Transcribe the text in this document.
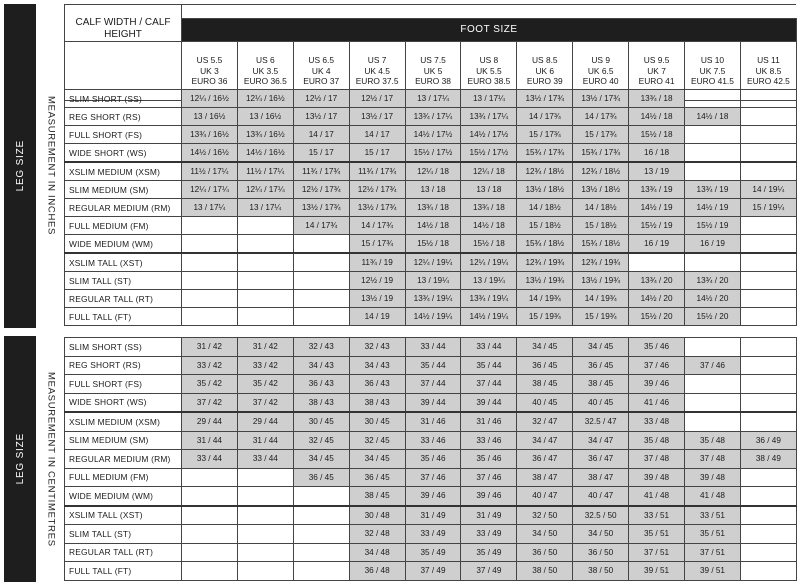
LEG SIZE MEASUREMENT IN INCHES
LEG SIZE MEASUREMENT IN CENTIMETRES
CALF WIDTH / CALF HEIGHT											
	FOOT SIZE										

	US 5.5
UK 3
EURO 36	US 6
UK 3.5
EURO 36.5	US 6.5
UK 4
EURO 37	US 7
UK 4.5
EURO 37.5	US 7.5
UK 5
EURO 38	US 8
UK 5.5
EURO 38.5	US 8.5
UK 6
EURO 39	US 9
UK 6.5
EURO 40	US 9.5
UK 7
EURO 41	US 10
UK 7.5
EURO 41.5	US 11
UK 8.5
EURO 42.5
SLIM SHORT (SS)	12¼ / 16½	12¼ / 16½	12½ / 17	12½ / 17	13 / 17¼	13 / 17¼	13½ / 17¾	13½ / 17¾	13¾ / 18		
REG SHORT (RS)	13 / 16½	13 / 16½	13½ / 17	13½ / 17	13¾ / 17¼	13¾ / 17¼	14 / 17¾	14 / 17¾	14½ / 18	14½ / 18	
FULL SHORT (FS)	13¾ / 16½	13¾ / 16½	14 / 17	14 / 17	14½ / 17½	14½ / 17½	15 / 17¾	15 / 17¾	15½ / 18		
WIDE SHORT (WS)	14½ / 16½	14½ / 16½	15 / 17	15 / 17	15½ / 17½	15½ / 17½	15¾ / 17¾	15¾ / 17¾	16 / 18		
XSLIM MEDIUM (XSM)	11½ / 17¼	11½ / 17¼	11¾ / 17¾	11¾ / 17¾	12¼ / 18	12¼ / 18	12¾ / 18½	12¾ / 18½	13 / 19		
SLIM MEDIUM (SM)	12¼ / 17¼	12¼ / 17¼	12½ / 17¾	12½ / 17¾	13 / 18	13 / 18	13½ / 18½	13½ / 18½	13¾ / 19	13¾ / 19	14 / 19¼
REGULAR MEDIUM (RM)	13 / 17¼	13 / 17¼	13½ / 17¾	13½ / 17¾	13¾ / 18	13¾ / 18	14 / 18½	14 / 18½	14½ / 19	14½ / 19	15 / 19¼
FULL MEDIUM (FM)			14 / 17¾	14 / 17¾	14½ / 18	14½ / 18	15 / 18½	15 / 18½	15½ / 19	15½ / 19	
WIDE MEDIUM (WM)				15 / 17¾	15½ / 18	15½ / 18	15¾ / 18½	15¾ / 18½	16 / 19	16 / 19	
XSLIM TALL (XST)				11¾ / 19	12¼ / 19¼	12¼ / 19¼	12¾ / 19¾	12¾ / 19¾			
SLIM TALL (ST)				12½ / 19	13 / 19¼	13 / 19¼	13½ / 19¾	13½ / 19¾	13¾ / 20	13¾ / 20	
REGULAR TALL (RT)				13½ / 19	13¾ / 19¼	13¾ / 19¼	14 / 19¾	14 / 19¾	14½ / 20	14½ / 20	
FULL TALL (FT)				14 / 19	14½ / 19¼	14½ / 19¼	15 / 19¾	15 / 19¾	15½ / 20	15½ / 20	
SLIM SHORT (SS)	31 / 42	31 / 42	32 / 43	32 / 43	33 / 44	33 / 44	34 / 45	34 / 45	35 / 46		
REG SHORT (RS)	33 / 42	33 / 42	34 / 43	34 / 43	35 / 44	35 / 44	36 / 45	36 / 45	37 / 46	37 / 46	
FULL SHORT (FS)	35 / 42	35 / 42	36 / 43	36 / 43	37 / 44	37 / 44	38 / 45	38 / 45	39 / 46		
WIDE SHORT (WS)	37 / 42	37 / 42	38 / 43	38 / 43	39 / 44	39 / 44	40 / 45	40 / 45	41 / 46		
XSLIM MEDIUM (XSM)	29 / 44	29 / 44	30 / 45	30 / 45	31 / 46	31 / 46	32 / 47	32.5 / 47	33 / 48		
SLIM MEDIUM (SM)	31 / 44	31 / 44	32 / 45	32 / 45	33 / 46	33 / 46	34 / 47	34 / 47	35 / 48	35 / 48	36 / 49
REGULAR MEDIUM (RM)	33 / 44	33 / 44	34 / 45	34 / 45	35 / 46	35 / 46	36 / 47	36 / 47	37 / 48	37 / 48	38 / 49
FULL MEDIUM (FM)			36 / 45	36 / 45	37 / 46	37 / 46	38 / 47	38 / 47	39 / 48	39 / 48	
WIDE MEDIUM (WM)				38 / 45	39 / 46	39 / 46	40 / 47	40 / 47	41 / 48	41 / 48	
XSLIM TALL (XST)				30 / 48	31 / 49	31 / 49	32 / 50	32.5 / 50	33 / 51	33 / 51	
SLIM TALL (ST)				32 / 48	33 / 49	33 / 49	34 / 50	34 / 50	35 / 51	35 / 51	
REGULAR TALL (RT)				34 / 48	35 / 49	35 / 49	36 / 50	36 / 50	37 / 51	37 / 51	
FULL TALL (FT)				36 / 48	37 / 49	37 / 49	38 / 50	38 / 50	39 / 51	39 / 51	
